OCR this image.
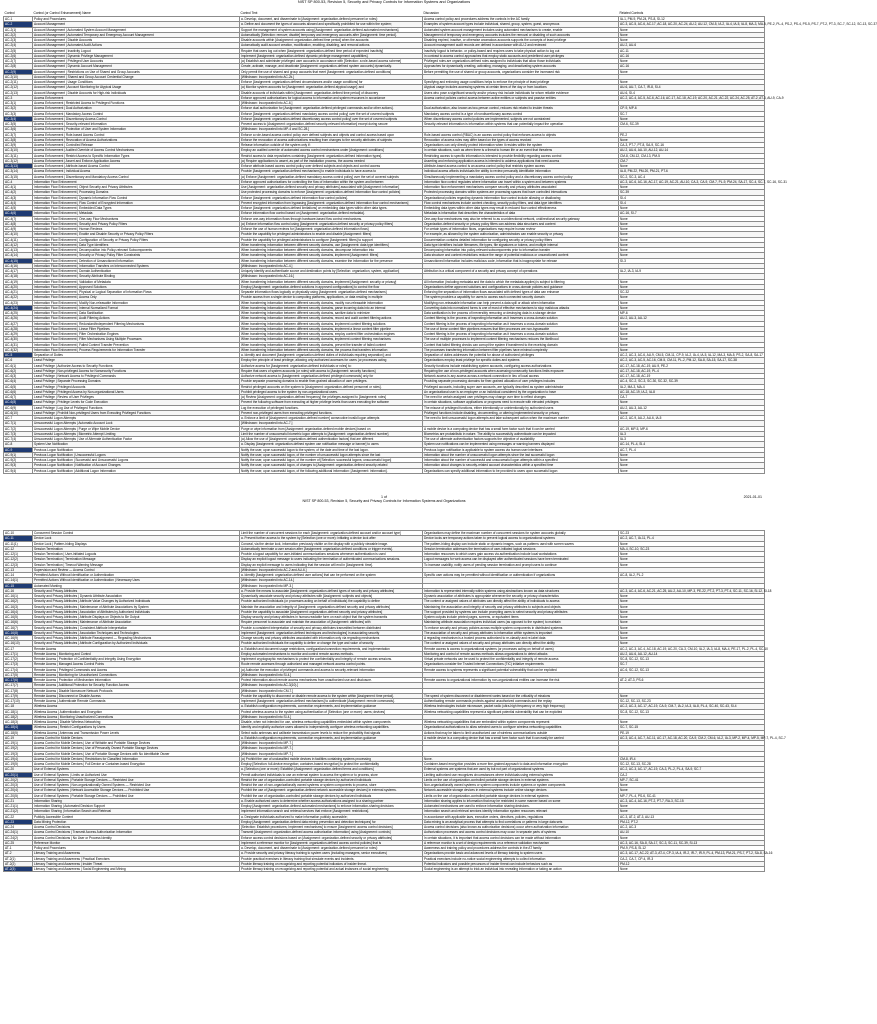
NIST SP 800-53, Revision 5, Security and Privacy Controls for Information Systems and Organizations
Control	Control (or Control Enhancement) Name	Control Text	Discussion	Related Controls
AC-1	Policy and Procedures	a. Develop, document, and disseminate to [Assignment: organization-defined personnel or roles]:	Access control policy and procedures address the controls in the AC family	IA-1, PM-9, PM-24, PS-8, SI-12
AC-2	Account Management	a. Define and document the types of accounts allowed and specifically prohibited for use within the system;	Examples of system account types include individual, shared, group, system, guest, anonymous	AC-3, AC-5, AC-6, AC-17, AC-18, AC-20, AC-24, AU-2, AU-12, CM-5, IA-2, IA-4, IA-5, IA-8, MA-3, MA-5, PE-2, PL-4, PS-2, PS-4, PS-5, PS-7, PT-2, PT-3, SC-7, SC-12, SC-13, SC-37
AC-2(1)	Account Management | Automated System Account Management	Support the management of system accounts using [Assignment: organization-defined automated mechanisms].	Automated system account management includes using automated mechanisms to create, enable	None
AC-2(2)	Account Management | Automated Temporary and Emergency Account Management	Automatically [Selection: remove; disable] temporary and emergency accounts after [Assignment: time period].	Management of temporary and emergency accounts includes the removal or disabling of such accounts	None
AC-2(3)	Account Management | Disable Accounts	Disable accounts within [Assignment: organization-defined time period] when the accounts:	Disabling expired, inactive, or otherwise anomalous accounts supports the concepts of least privilege	None
AC-2(4)	Account Management | Automated Audit Actions	Automatically audit account creation, modification, enabling, disabling, and removal actions.	Account management audit records are defined in accordance with AU-2 and reviewed	AU-2, AU-6
AC-2(5)	Account Management | Inactivity Logout	Require that users log out when [Assignment: organization-defined time period of expected inactivity]	Inactivity logout is behavior- or policy-based and requires users to take physical action to log out	AC-11
AC-2(6)	Account Management | Dynamic Privilege Management	Implement [Assignment: organization-defined dynamic privilege management capabilities].	In contrast to access control approaches that employ static accounts and predefined user privileges	AC-16
AC-2(7)	Account Management | Privileged User Accounts	(a) Establish and administer privileged user accounts in accordance with [Selection: a role-based access scheme]	Privileged roles are organization-defined roles assigned to individuals that allow those individuals	None
AC-2(8)	Account Management | Dynamic Account Management	Create, activate, manage, and deactivate [Assignment: organization-defined system accounts] dynamically.	Approaches for dynamically creating, activating, managing, and deactivating system accounts	AC-16
AC-2(9)	Account Management | Restrictions on Use of Shared and Group Accounts	Only permit the use of shared and group accounts that meet [Assignment: organization-defined conditions]	Before permitting the use of shared or group accounts, organizations consider the increased risk	None
AC-2(10)	Account Management | Shared and Group Account Credential Change	[Withdrawn: Incorporated into AC-2k.]		
AC-2(11)	Account Management | Usage Conditions	Enforce [Assignment: organization-defined circumstances and/or usage conditions] for	Specifying and enforcing usage conditions helps to enforce the principle of least privilege	None
AC-2(12)	Account Management | Account Monitoring for Atypical Usage	(a) Monitor system accounts for [Assignment: organization-defined atypical usage]; and	Atypical usage includes accessing systems at certain times of the day or from locations	AU-6, AU-7, CA-7, IR-8, SI-4
AC-2(13)	Account Management | Disable Accounts for High-risk Individuals	Disable accounts of individuals within [Assignment: organization-defined time period] of discovery	Users who pose a significant security and/or privacy risk include individuals for whom reliable evidence	AU-6, SI-4
AC-3	Access Enforcement	Enforce approved authorizations for logical access to information and system resources in accordance	Access control policies control access between active entities or subjects and passive entities	AC-2, AC-4, AC-5, AC-6, AC-16, AC-17, AC-18, AC-19, AC-20, AC-21, AC-22, AC-24, AC-25, AT-2, AT-3, AU-9, CA-9
AC-3(1)	Access Enforcement | Restricted Access to Privileged Functions	[Withdrawn: Incorporated into AC-6.]		
AC-3(2)	Access Enforcement | Dual Authorization	Enforce dual authorization for [Assignment: organization-defined privileged commands and/or other actions].	Dual authorization, also known as two-person control, reduces risk related to insider threats	CP-9, MP-6
AC-3(3)	Access Enforcement | Mandatory Access Control	Enforce [Assignment: organization-defined mandatory access control policy] over the set of covered subjects	Mandatory access control is a type of nondiscretionary access control	SC-7
AC-3(4)	Access Enforcement | Discretionary Access Control	Enforce [Assignment: organization-defined discretionary access control policy] over the set of covered subjects	When discretionary access control policies are implemented, subjects are not constrained	None
AC-3(5)	Access Enforcement | Security-relevant Information	Prevent access to [Assignment: organization-defined security-relevant information] except during secure	Security-relevant information is information within systems that can potentially impact the operation	CM-6, SC-39
AC-3(6)	Access Enforcement | Protection of User and System Information	[Withdrawn: Incorporated into MP-4 and SC-28.]		
AC-3(7)	Access Enforcement | Role-based Access Control	Enforce a role-based access control policy over defined subjects and objects and control access based upon	Role-based access control (RBAC) is an access control policy that enforces access to objects	PE-2
AC-3(8)	Access Enforcement | Revocation of Access Authorizations	Enforce the revocation of access authorizations resulting from changes to the security attributes of subjects	Revocation of access rules may differ based on the types of access revoked	None
AC-3(9)	Access Enforcement | Controlled Release	Release information outside of the system only if:	Organizations can only directly protect information when it resides within the system	CA-3, PT-7, PT-8, SA-9, SC-16
AC-3(10)	Access Enforcement | Audited Override of Access Control Mechanisms	Employ an audited override of automated access control mechanisms under [Assignment: conditions]	In certain situations, such as when there is a threat to human life or an event that threatens	AU-2, AU-6, AU-10, AU-12, AU-14
AC-3(11)	Access Enforcement | Restrict Access to Specific Information Types	Restrict access to data repositories containing [Assignment: organization-defined information types].	Restricting access to specific information is intended to provide flexibility regarding access control	CM-8, CM-12, CM-13, PM-5
AC-3(12)	Access Enforcement | Assert and Enforce Application Access	(a) Require applications to assert, as part of the installation process, the access needed	Asserting and enforcing application access is intended to address applications that need access	CM-7
AC-3(13)	Access Enforcement | Attribute-based Access Control	Enforce attribute-based access control policy over defined subjects and objects and control access	Attribute-based access control is an access control policy that restricts system access	None
AC-3(14)	Access Enforcement | Individual Access	Provide [Assignment: organization-defined mechanisms] to enable individuals to have access to	Individual access affords individuals the ability to review personally identifiable information	IA-8, PM-22, PM-20, PM-21, PT-6
AC-3(15)	Access Enforcement | Discretionary and Mandatory Access Control	(a) Enforce [Assignment: organization-defined mandatory access control policy] over the set of covered subjects	Simultaneously implementing a mandatory access control policy and a discretionary access control policy	SC-2, SC-3, AC-4
AC-4	Information Flow Enforcement	Enforce approved authorizations for controlling the flow of information within the system and between	Information flow control regulates where information can travel within a system and between systems	AC-3, AC-6, AC-16, AC-17, AC-19, AC-21, AU-10, CA-3, CA-9, CM-7, PL-9, PM-24, SA-17, SC-4, SC-7, SC-16, SC-31
AC-4(1)	Information Flow Enforcement | Object Security and Privacy Attributes	Use [Assignment: organization-defined security and privacy attributes] associated with [Assignment: information]	Information flow enforcement mechanisms compare security and privacy attributes associated	None
AC-4(2)	Information Flow Enforcement | Processing Domains	Use protected processing domains to enforce [Assignment: organization-defined information flow control policies]	Protected processing domains within systems are processing spaces that have controlled interactions	SC-39
AC-4(3)	Information Flow Enforcement | Dynamic Information Flow Control	Enforce [Assignment: organization-defined information flow control policies].	Organizational policies regarding dynamic information flow control include allowing or disallowing	SI-4
AC-4(4)	Information Flow Enforcement | Flow Control of Encrypted Information	Prevent encrypted information from bypassing [Assignment: organization-defined information flow control mechanisms]	Flow control mechanisms include content checking, security policy filters, and data type identifiers	SI-4
AC-4(5)	Information Flow Enforcement | Embedded Data Types	Enforce [Assignment: organization-defined limitations] on embedding data types within other data types.	Embedding data types within other data types may result in reduced flow control effectiveness	None
AC-4(6)	Information Flow Enforcement | Metadata	Enforce information flow control based on [Assignment: organization-defined metadata].	Metadata is information that describes the characteristics of data	AC-16, SI-7
AC-4(7)	Information Flow Enforcement | One-way Flow Mechanisms	Enforce one-way information flows through hardware-based flow control mechanisms.	One-way flow mechanisms may also be referred to as a unidirectional network, unidirectional security gateway	None
AC-4(8)	Information Flow Enforcement | Security and Privacy Policy Filters	(a) Enforce information flow control using [Assignment: organization-defined security or privacy policy filters]	Organization-defined security or privacy policy filters can address data structures and content	None
AC-4(9)	Information Flow Enforcement | Human Reviews	Enforce the use of human reviews for [Assignment: organization-defined information flows]	For certain types of information flows, organizations may require human review	None
AC-4(10)	Information Flow Enforcement | Enable and Disable Security or Privacy Policy Filters	Provide the capability for privileged administrators to enable and disable [Assignment: filters]	For example, as allowed by the system authorization, administrators can enable security or privacy	None
AC-4(11)	Information Flow Enforcement | Configuration of Security or Privacy Policy Filters	Provide the capability for privileged administrators to configure [Assignment: filters] to support	Documentation contains detailed information for configuring security or privacy policy filters	None
AC-4(12)	Information Flow Enforcement | Data Type Identifiers	When transferring information between different security domains, use [Assignment: data type identifiers]	Data type identifiers include filenames, file types, file signatures or tokens, and multiple internal	None
AC-4(13)	Information Flow Enforcement | Decomposition into Policy-relevant Subcomponents	When transferring information between different security domains, decompose information into	Decomposing information into policy-relevant subcomponents prior to information transfer	None
AC-4(14)	Information Flow Enforcement | Security or Privacy Policy Filter Constraints	When transferring information between different security domains, implement [Assignment: filters]	Data structure and content restrictions reduce the range of potential malicious or unsanctioned content	None
AC-4(15)	Information Flow Enforcement | Detection of Unsanctioned Information	When transferring information between different security domains, examine the information for the presence	Unsanctioned information includes malicious code, information that is inappropriate for release	SI-3
AC-4(16)	Information Flow Enforcement | Information Transfers on Interconnected Systems	[Withdrawn: Incorporated into AC-4.]		
AC-4(17)	Information Flow Enforcement | Domain Authentication	Uniquely identify and authenticate source and destination points by [Selection: organization, system, application]	Attribution is a critical component of a security and privacy concept of operations	IA-2, IA-3, IA-9
AC-4(18)	Information Flow Enforcement | Security Attribute Binding	[Withdrawn: Incorporated into AC-16.]		
AC-4(19)	Information Flow Enforcement | Validation of Metadata	When transferring information between different security domains, implement [Assignment: security or privacy]	All information (including metadata and the data to which the metadata applies) is subject to filtering	None
AC-4(20)	Information Flow Enforcement | Approved Solutions	Employ [Assignment: organization-defined solutions in approved configurations] to control the flow	Organizations define approved solutions and configurations in cross-domain policies and guidance	None
AC-4(21)	Information Flow Enforcement | Physical or Logical Separation of Information Flows	Separate information flows logically or physically using [Assignment: organization-defined mechanisms]	Enforcing the separation of information flows associated with defined types of data can enhance	SC-32
AC-4(22)	Information Flow Enforcement | Access Only	Provide access from a single device to computing platforms, applications, or data residing in multiple	The system provides a capability for users to access each connected security domain	None
AC-4(23)	Information Flow Enforcement | Modify Non-releasable Information	When transferring information between different security domains, modify non-releasable information	Modifying non-releasable information can help prevent a data spill or attack when information	None
AC-4(24)	Information Flow Enforcement | Internal Normalized Format	When transferring information between different security domains, parse incoming data into an internal	Converting data into normalized forms is one of most of effective mechanisms to stop malicious attacks	None
AC-4(25)	Information Flow Enforcement | Data Sanitization	When transferring information between different security domains, sanitize data to minimize	Data sanitization is the process of irreversibly removing or destroying data in a storage device	MP-6
AC-4(26)	Information Flow Enforcement | Audit Filtering Actions	When transferring information between different security domains, record and audit content filtering actions	Content filtering is the process of inspecting information as it traverses a cross-domain solution	AU-2, AU-3, AU-12
AC-4(27)	Information Flow Enforcement | Redundant/independent Filtering Mechanisms	When transferring information between different security domains, implement content filtering solutions	Content filtering is the process of inspecting information as it traverses a cross-domain solution	None
AC-4(28)	Information Flow Enforcement | Linear Filter Pipelines	When transferring information between different security domains, implement a linear content filter pipeline	The use of linear content filter pipelines ensures that filter processes are non-bypassable	None
AC-4(29)	Information Flow Enforcement | Filter Orchestration Engines	When transferring information between different security domains, employ content filter orchestration engines	Content filtering is the process of inspecting information as it traverses a cross-domain solution	None
AC-4(30)	Information Flow Enforcement | Filter Mechanisms Using Multiple Processes	When transferring information between different security domains, implement content filtering mechanisms	The use of multiple processes to implement content filtering mechanisms reduces the likelihood	None
AC-4(31)	Information Flow Enforcement | Failed Content Transfer Prevention	When transferring information between different security domains, prevent the transfer of failed content	Content that failed filtering checks can corrupt the system if transferred to the receiving domain	None
AC-4(32)	Information Flow Enforcement | Process Requirements for Information Transfer	When transferring information between different security domains, the process that transfers information	The processes transferring information between filter pipelines have minimal complexity	None
AC-5	Separation of Duties	a. Identify and document [Assignment: organization-defined duties of individuals requiring separation]; and	Separation of duties addresses the potential for abuse of authorized privileges	AC-2, AC-3, AC-6, AU-9, CM-5, CM-11, CP-9, IA-2, IA-4, IA-5, IA-12, MA-3, MA-5, PS-2, SA-8, SA-17
AC-6	Least Privilege	Employ the principle of least privilege, allowing only authorized accesses for users (or processes acting	Organizations employ least privilege for specific duties and systems	AC-2, AC-3, AC-5, AC-16, CM-5, CM-11, PL-2, PM-12, SA-8, SA-15, SA-17, SC-38
AC-6(1)	Least Privilege | Authorize Access to Security Functions	Authorize access for [Assignment: organization-defined individuals or roles] to:	Security functions include establishing system accounts, configuring access authorizations	AC-17, AC-18, AC-19, AU-9, PE-2
AC-6(2)	Least Privilege | Non-privileged Access for Nonsecurity Functions	Require that users of system accounts (or roles) with access to [Assignment: security functions]	Requiring the use of non-privileged accounts when accessing nonsecurity functions limits exposure	AC-17, AC-18, AC-19, PL-4
AC-6(3)	Least Privilege | Network Access to Privileged Commands	Authorize network access to [Assignment: organization-defined privileged commands] only for	Network access is any access across a network connection in lieu of local access	AC-17, AC-18, AC-19
AC-6(4)	Least Privilege | Separate Processing Domains	Provide separate processing domains to enable finer-grained allocation of user privileges.	Providing separate processing domains for finer-grained allocation of user privileges includes	AC-4, SC-2, SC-3, SC-30, SC-32, SC-39
AC-6(5)	Least Privilege | Privileged Accounts	Restrict privileged accounts on the system to [Assignment: organization-defined personnel or roles].	Privileged accounts, including super user accounts, are typically described as system administrator	IA-2, MA-3, MA-4
AC-6(6)	Least Privilege | Privileged Access by Non-organizational Users	Prohibit privileged access to the system by non-organizational users.	An organizational user is an employee or an individual considered by the organization to have	AC-18, AC-19, IA-2, IA-8
AC-6(7)	Least Privilege | Review of User Privileges	(a) Review [Assignment: organization-defined frequency] the privileges assigned to [Assignment: roles]	The need for certain assigned user privileges may change over time to reflect changes	CA-7
AC-6(8)	Least Privilege | Privilege Levels for Code Execution	Prevent the following software from executing at higher privilege levels than users executing the software	In certain situations, software applications or programs need to execute with elevated privileges	None
AC-6(9)	Least Privilege | Log Use of Privileged Functions	Log the execution of privileged functions.	The misuse of privileged functions, either intentionally or unintentionally by authorized users	AU-2, AU-3, AU-12
AC-6(10)	Least Privilege | Prohibit Non-privileged Users from Executing Privileged Functions	Prevent non-privileged users from executing privileged functions.	Privileged functions include disabling, circumventing, or altering implemented security or privacy	None
AC-7	Unsuccessful Logon Attempts	a. Enforce a limit of [Assignment: organization-defined number] consecutive invalid logon attempts	The need to limit unsuccessful logon attempts and take subsequent action when the maximum number	AC-2, AC-9, AU-2, AU-6, IA-5
AC-7(1)	Unsuccessful Logon Attempts | Automatic Account Lock	[Withdrawn: Incorporated into AC-7.]		
AC-7(2)	Unsuccessful Logon Attempts | Purge or Wipe Mobile Device	Purge or wipe information from [Assignment: organization-defined mobile devices] based on	A mobile device is a computing device that has a small form factor such that it can be carried	AC-19, MP-5, MP-6
AC-7(3)	Unsuccessful Logon Attempts | Biometric Attempt Limiting	Limit the number of unsuccessful biometric logon attempts to [Assignment: organization-defined number].	Biometrics are probabilistic in nature. The ability to successfully authenticate can be impacted	IA-3
AC-7(4)	Unsuccessful Logon Attempts | Use of Alternate Authentication Factor	(a) Allow the use of [Assignment: organization-defined authentication factors] that are different	The use of alternate authentication factors supports the objective of availability	IA-3
AC-8	System Use Notification	a. Display [Assignment: organization-defined system use notification message or banner] to users	System use notifications can be implemented using messages or warning banners displayed	AC-14, PL-4, SI-4
AC-9	Previous Logon Notification	Notify the user, upon successful logon to the system, of the date and time of the last logon.	Previous logon notification is applicable to system access via human user interfaces	AC-7, PL-4
AC-9(1)	Previous Logon Notification | Unsuccessful Logons	Notify the user, upon successful logon, of the number of unsuccessful logon attempts since the last	Information about the number of unsuccessful logon attempts since the last successful logon	None
AC-9(2)	Previous Logon Notification | Successful and Unsuccessful Logons	Notify the user, upon successful logon, of the number of [Selection: successful logons; unsuccessful logon]	Information about the number of successful and unsuccessful logon attempts within a specified	None
AC-9(3)	Previous Logon Notification | Notification of Account Changes	Notify the user, upon successful logon, of changes to [Assignment: organization-defined security-related	Information about changes to security-related account characteristics within a specified time	None
AC-9(4)	Previous Logon Notification | Additional Logon Information	Notify the user, upon successful logon, of the following additional information: [Assignment: information].	Organizations can specify additional information to be provided to users upon successful logon	None
1 of
NIST SP 800-53, Revision 5, Security and Privacy Controls for Information Systems and Organizations
2021-01-01
AC-10	Concurrent Session Control	Limit the number of concurrent sessions for each [Assignment: organization-defined account and/or account type]	Organizations may define the maximum number of concurrent sessions for system accounts globally	SC-23
AC-11	Device Lock	a. Prevent further access to the system by [Selection (one or more): initiating a device lock after	Device locks are temporary actions taken to prevent logical access to organizational systems	AC-2, AC-7, IA-11, PL-4
AC-11(1)	Device Lock | Pattern-hiding Displays	Conceal, via the device lock, information previously visible on the display with a publicly viewable image.	The pattern-hiding display can include static or dynamic images, such as patterns used with screen savers	None
AC-12	Session Termination	Automatically terminate a user session after [Assignment: organization-defined conditions or trigger events].	Session termination addresses the termination of user-initiated logical sessions	MA-4, SC-10, SC-23
AC-12(1)	Session Termination | User-initiated Logouts	Provide a logout capability for user-initiated communications sessions whenever authentication is used	Information resources to which users gain access via authentication include local workstations	None
AC-12(2)	Session Termination | Termination Message	Display an explicit logout message to users indicating the termination of authenticated communications sessions.	Logout messages for web access can be displayed after authenticated sessions have been terminated	None
AC-12(3)	Session Termination | Timeout Warning Message	Display an explicit message to users indicating that the session will end in [Assignment: time].	To increase usability, notify users of pending session termination and prompt users to continue	None
AC-13	Supervision and Review — Access Control	[Withdrawn: Incorporated into AC-2 and AU-6.]		
AC-14	Permitted Actions Without Identification or Authentication	a. Identify [Assignment: organization-defined user actions] that can be performed on the system	Specific user actions may be permitted without identification or authentication if organizations	AC-8, IA-2, PL-2
AC-14(1)	Permitted Actions Without Identification or Authentication | Necessary Uses	[Withdrawn: Incorporated into AC-14.]		
AC-15	Automated Marking	[Withdrawn: Incorporated into MP-3.]		
AC-16	Security and Privacy Attributes	a. Provide the means to associate [Assignment: organization-defined types of security and privacy attributes]	Information is represented internally within systems using abstractions known as data structures	AC-3, AC-4, AC-6, AC-21, AC-25, AU-2, AU-10, MP-3, PE-22, PT-2, PT-3, PT-4, SC-11, SC-16, SI-12, SI-18
AC-16(1)	Security and Privacy Attributes | Dynamic Attribute Association	Dynamically associate security and privacy attributes with [Assignment: subjects and objects]	Dynamic association of attributes is appropriate whenever the security or privacy characteristics	None
AC-16(2)	Security and Privacy Attributes | Attribute Value Changes by Authorized Individuals	Provide authorized individuals (or processes acting on behalf of individuals) the capability to define	The content or assigned values of attributes can directly affect the ability of individuals to access	None
AC-16(3)	Security and Privacy Attributes | Maintenance of Attribute Associations by System	Maintain the association and integrity of [Assignment: organization-defined security and privacy attributes]	Maintaining the association and integrity of security and privacy attributes to subjects and objects	None
AC-16(4)	Security and Privacy Attributes | Association of Attributes by Authorized Individuals	Provide the capability to associate [Assignment: organization-defined security and privacy attributes]	The support provided by systems can include prompting users to select security and privacy attributes	None
AC-16(5)	Security and Privacy Attributes | Attribute Displays on Objects to Be Output	Display security and privacy attributes in human-readable form on each object that the system transmits	System outputs include printed pages, screens, or equivalent items	None
AC-16(6)	Security and Privacy Attributes | Maintenance of Attribute Association	Require personnel to associate and maintain the association of [Assignment: attributes] with	Maintaining attribute association requires individual users (as opposed to the system) to maintain	None
AC-16(7)	Security and Privacy Attributes | Consistent Attribute Interpretation	Provide a consistent interpretation of security and privacy attributes transmitted between distributed	To enforce security and privacy policies across multiple system components in distributed systems	None
AC-16(8)	Security and Privacy Attributes | Association Techniques and Technologies	Implement [Assignment: organization-defined techniques and technologies] in associating security	The association of security and privacy attributes to information within systems is important	None
AC-16(9)	Security and Privacy Attributes | Attribute Reassignment — Regrading Mechanisms	Change security and privacy attributes associated with information only via regrading mechanisms	A regrading mechanism is a trusted process authorized to re-classify and re-label data	None
AC-16(10)	Security and Privacy Attributes | Attribute Configuration by Authorized Individuals	Provide authorized individuals the capability to define or change the type and value of security	The content or assigned values of security and privacy attributes can directly affect the ability	None
AC-17	Remote Access	a. Establish and document usage restrictions, configuration/connection requirements, and implementation	Remote access is access to organizational systems (or processes acting on behalf of users)	AC-2, AC-3, AC-4, AC-18, AC-19, AC-20, CA-3, CM-10, IA-2, IA-3, IA-8, MA-4, PE-17, PL-2, PL-4, SC-10
AC-17(1)	Remote Access | Monitoring and Control	Employ automated mechanisms to monitor and control remote access methods.	Monitoring and control of remote access methods allows organizations to detect attacks	AU-2, AU-6, AU-12, AU-14
AC-17(2)	Remote Access | Protection of Confidentiality and Integrity Using Encryption	Implement cryptographic mechanisms to protect the confidentiality and integrity of remote access sessions.	Virtual private networks can be used to protect the confidentiality and integrity of remote access	SC-8, SC-12, SC-13
AC-17(3)	Remote Access | Managed Access Control Points	Route remote accesses through authorized and managed network access control points.	Organizations consider the Trusted Internet Connections (TIC) initiative requirements	SC-7
AC-17(4)	Remote Access | Privileged Commands and Access	(a) Authorize the execution of privileged commands and access to security-relevant information	Remote access to systems represents a significant potential vulnerability that can be exploited	AC-6, SC-12, SC-13
AC-17(5)	Remote Access | Monitoring for Unauthorized Connections	[Withdrawn: Incorporated into SI-4.]		
AC-17(6)	Remote Access | Protection of Mechanism Information	Protect information about remote access mechanisms from unauthorized use and disclosure.	Remote access to organizational information by non-organizational entities can increase the risk	AT-2, AT-3, PS-6
AC-17(7)	Remote Access | Additional Protection for Security Function Access	[Withdrawn: Incorporated into AC-3(10).]		
AC-17(8)	Remote Access | Disable Nonsecure Network Protocols	[Withdrawn: Incorporated into CM-7.]		
AC-17(9)	Remote Access | Disconnect or Disable Access	Provide the capability to disconnect or disable remote access to the system within [Assignment: time period].	The speed of system disconnect or disablement varies based on the criticality of missions	None
AC-17(10)	Remote Access | Authenticate Remote Commands	Implement [Assignment: organization-defined mechanisms] to authenticate [Assignment: remote commands].	Authenticating remote commands protects against unauthorized commands and the replay	SC-12, SC-13, SC-23
AC-18	Wireless Access	a. Establish configuration requirements, connection requirements, and implementation guidance	Wireless technologies include microwave, packet radio (ultra-high frequency or very high frequency)	AC-2, AC-3, AC-17, AC-19, CA-9, CM-7, IA-2, IA-3, IA-8, PL-4, SC-40, SC-43, SI-4
AC-18(1)	Wireless Access | Authentication and Encryption	Protect wireless access to the system using authentication of [Selection (one or more): users; devices]	Wireless networking capabilities represent a significant potential vulnerability that can be exploited	SC-8, SC-12, SC-13
AC-18(2)	Wireless Access | Monitoring Unauthorized Connections	[Withdrawn: Incorporated into SI-4.]		
AC-18(3)	Wireless Access | Disable Wireless Networking	Disable, when not intended for use, wireless networking capabilities embedded within system components	Wireless networking capabilities that are embedded within system components represent	None
AC-18(4)	Wireless Access | Restrict Configurations by Users	Identify and explicitly authorize users allowed to independently configure wireless networking capabilities.	Organizational authorizations to allow selected users to configure wireless networking capabilities	SC-7, SC-15
AC-18(5)	Wireless Access | Antennas and Transmission Power Levels	Select radio antennas and calibrate transmission power levels to reduce the probability that signals	Actions that may be taken to limit unauthorized use of wireless communications outside	PE-19
AC-19	Access Control for Mobile Devices	a. Establish configuration requirements, connection requirements, and implementation guidance	A mobile device is a computing device that has a small form factor such that it can easily be carried	AC-3, AC-4, AC-7, AC-11, AC-17, AC-18, AC-20, CA-9, CM-2, CM-6, IA-2, IA-3, MP-2, MP-4, MP-5, MP-7, PL-4, SC-7
AC-19(1)	Access Control for Mobile Devices | Use of Writable and Portable Storage Devices	[Withdrawn: Incorporated into MP-7.]		
AC-19(2)	Access Control for Mobile Devices | Use of Personally Owned Portable Storage Devices	[Withdrawn: Incorporated into MP-7.]		
AC-19(3)	Access Control for Mobile Devices | Use of Portable Storage Devices with No Identifiable Owner	[Withdrawn: Incorporated into MP-7.]		
AC-19(4)	Access Control for Mobile Devices | Restrictions for Classified Information	(a) Prohibit the use of unclassified mobile devices in facilities containing systems processing	None.	CM-8, IR-4
AC-19(5)	Access Control for Mobile Devices | Full Device or Container-based Encryption	Employ [Selection: full-device encryption; container-based encryption] to protect the confidentiality	Container-based encryption provides a more fine-grained approach to data and information encryption	SC-12, SC-13, SC-28
AC-20	Use of External Systems	a. [Selection (one or more): Establish [Assignment: organization-defined terms and conditions]	External systems are systems that are used by but not part of organizational systems	AC-2, AC-3, AC-17, AC-19, CA-3, PL-2, PL-4, SA-9, SC-7
AC-20(1)	Use of External Systems | Limits on Authorized Use	Permit authorized individuals to use an external system to access the system or to process, store	Limiting authorized use recognizes circumstances where individuals using external systems	CA-2
AC-20(2)	Use of External Systems | Portable Storage Devices — Restricted Use	Restrict the use of organization-controlled portable storage devices by authorized individuals	Limits on the use of organization-controlled portable storage devices in external systems	MP-7, SC-41
AC-20(3)	Use of External Systems | Non-organizationally Owned Systems — Restricted Use	Restrict the use of non-organizationally owned systems or system components to process, store	Non-organizationally owned systems or system components include systems or system components	None
AC-20(4)	Use of External Systems | Network Accessible Storage Devices — Prohibited Use	Prohibit the use of [Assignment: organization-defined network accessible storage devices] in external systems.	Network-accessible storage devices in external systems include online storage devices	None
AC-20(5)	Use of External Systems | Portable Storage Devices — Prohibited Use	Prohibit the use of organization-controlled portable storage devices by authorized individuals	Limits on the use of organization-controlled portable storage devices in external systems	MP-7, PL-4, PS-6, SC-41
AC-21	Information Sharing	a. Enable authorized users to determine whether access authorizations assigned to a sharing partner	Information sharing applies to information that may be restricted in some manner based on some	AC-3, AC-4, AC-16, PT-2, PT-7, RA-3, SC-15
AC-21(1)	Information Sharing | Automated Decision Support	Employ [Assignment: organization-defined automated mechanisms] to enforce information-sharing decisions	Automated mechanisms are used to enforce information sharing decisions.	None
AC-21(2)	Information Sharing | Information Search and Retrieval	Implement information search and retrieval services that enforce [Assignment: restrictions].	Information search and retrieval services identify information system resources relevant	None
AC-22	Publicly Accessible Content	a. Designate individuals authorized to make information publicly accessible;	In accordance with applicable laws, executive orders, directives, policies, regulations	AC-3, AT-2, AT-3, AU-13
AC-23	Data Mining Protection	Employ [Assignment: organization-defined data mining prevention and detection techniques] for	Data mining is an analytical process that attempts to find correlations or patterns in large data sets	PM-12, PT-2
AC-24	Access Control Decisions	[Selection: Establish procedures; Implement mechanisms] to ensure [Assignment: access control decisions]	Access control decisions (also known as authorization decisions) occur when authorization information	AC-2, AC-3
AC-24(1)	Access Control Decisions | Transmit Access Authorization Information	Transmit [Assignment: organization-defined access authorization information] using [Assignment: controls]	Authorization processes and access control decisions may occur in separate parts of systems	AU-10
AC-24(2)	Access Control Decisions | No User or Process Identity	Enforce access control decisions based on [Assignment: organization-defined security or privacy attributes]	In certain situations, it is important that access control decisions can be made without information	None
AC-25	Reference Monitor	Implement a reference monitor for [Assignment: organization-defined access control policies] that is	A reference monitor is a set of design requirements on a reference validation mechanism	AC-3, AC-16, SA-8, SA-17, SC-3, SC-11, SC-39, SI-13
AT-1	Policy and Procedures	a. Develop, document, and disseminate to [Assignment: organization-defined personnel or roles]:	Awareness and training policy and procedures address the controls in the AT family	PM-9, PS-8, SI-12
AT-2	Literacy Training and Awareness	a. Provide security and privacy literacy training to system users (including managers, senior executives)	Organizations provide basic and advanced levels of literacy training to system users	AC-3, AC-17, AC-22, AT-3, AT-4, CP-3, IA-4, IR-2, IR-7, IR-9, PL-4, PM-13, PM-21, PS-7, PT-2, SA-8, SA-16
AT-2(1)	Literacy Training and Awareness | Practical Exercises	Provide practical exercises in literacy training that simulate events and incidents.	Practical exercises include no-notice social engineering attempts to collect information	CA-2, CA-7, CP-4, IR-3
AT-2(2)	Literacy Training and Awareness | Insider Threat	Provide literacy training on recognizing and reporting potential indicators of insider threat.	Potential indicators and possible precursors of insider threat can include behaviors such as	PM-12
AT-2(3)	Literacy Training and Awareness | Social Engineering and Mining	Provide literacy training on recognizing and reporting potential and actual instances of social engineering	Social engineering is an attempt to trick an individual into revealing information or taking an action	None
